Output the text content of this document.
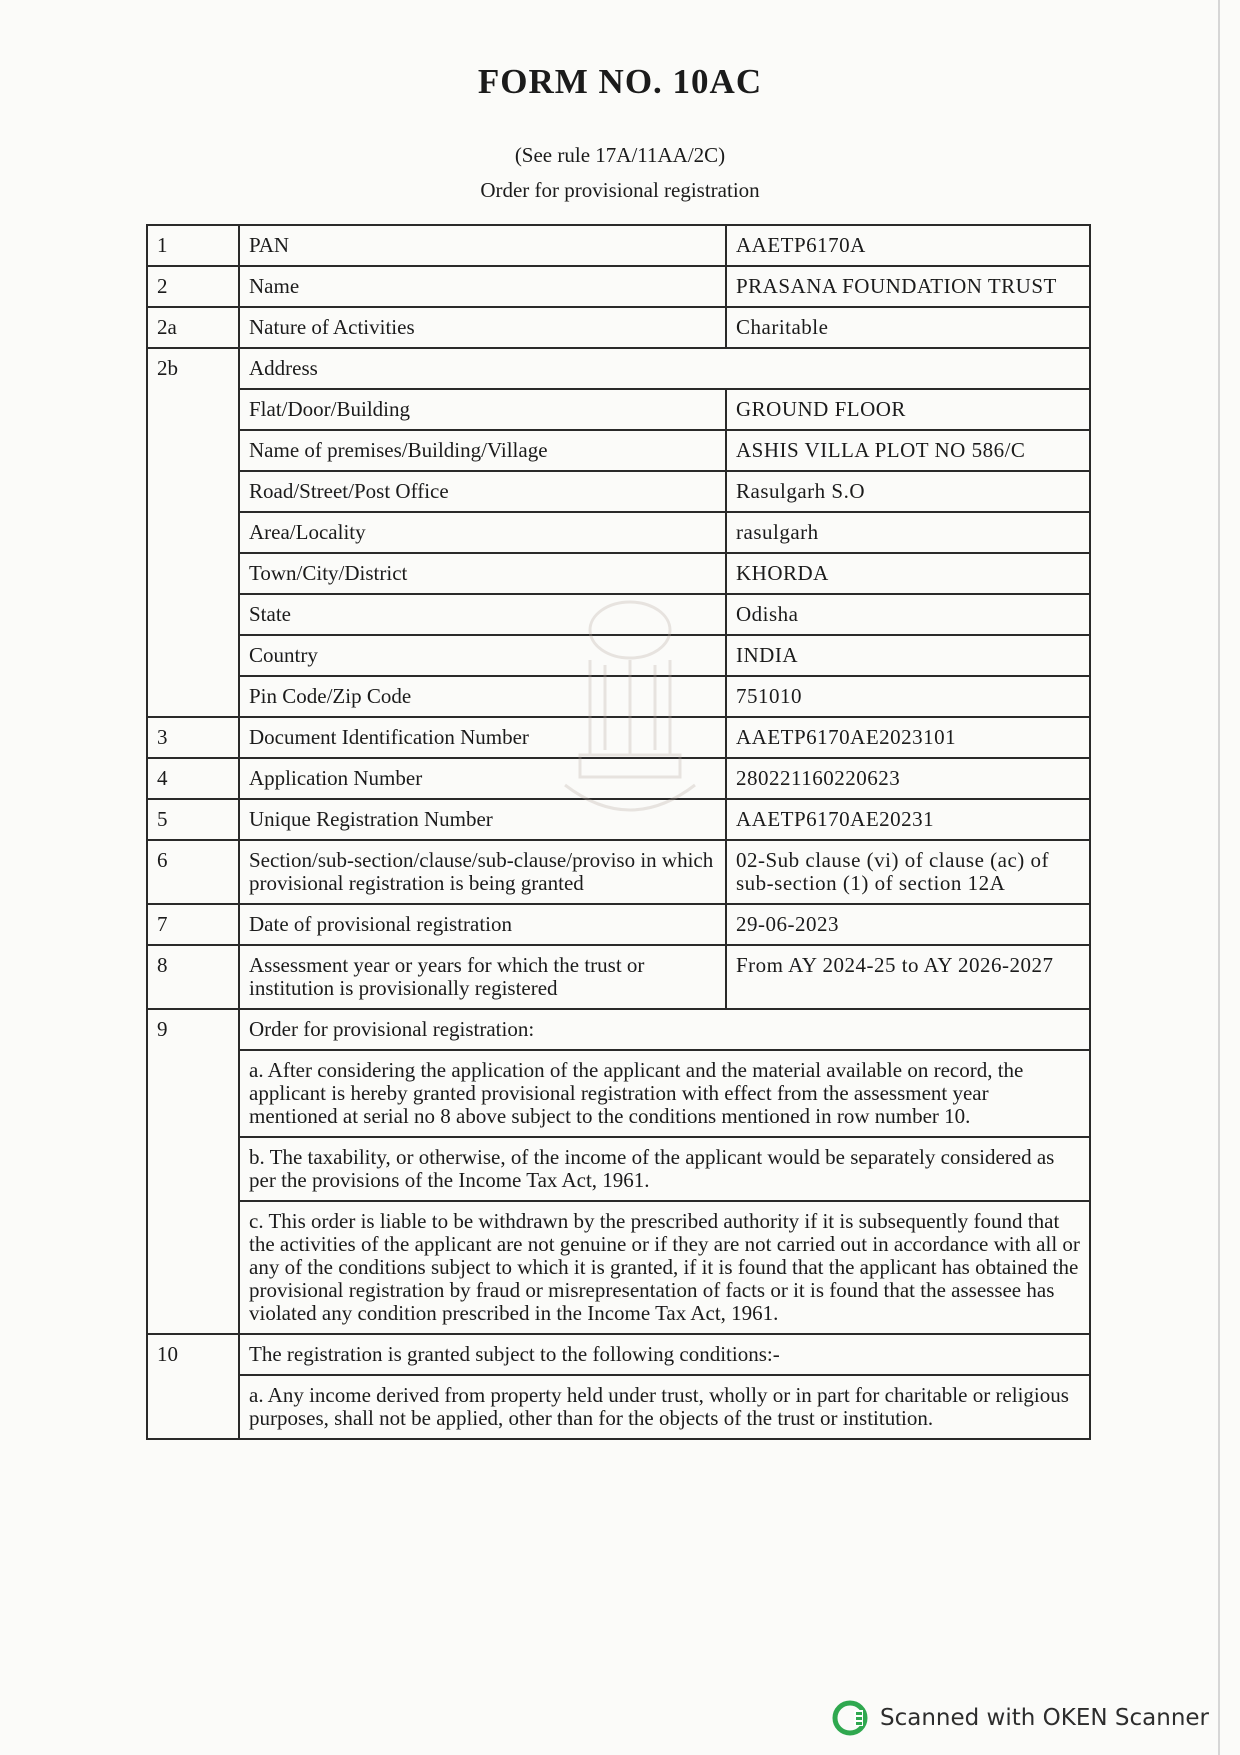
FORM NO. 10AC
(See rule 17A/11AA/2C)
Order for provisional registration
1	PAN	AAETP6170A
2	Name	PRASANA FOUNDATION TRUST
2a	Nature of Activities	Charitable
2b	Address	
	Flat/Door/Building	GROUND FLOOR
	Name of premises/Building/Village	ASHIS VILLA PLOT NO 586/C
	Road/Street/Post Office	Rasulgarh S.O
	Area/Locality	rasulgarh
	Town/City/District	KHORDA
	State	Odisha
	Country	INDIA
	Pin Code/Zip Code	751010
3	Document Identification Number	AAETP6170AE2023101
4	Application Number	280221160220623
5	Unique Registration Number	AAETP6170AE20231
6	Section/sub-section/clause/sub-clause/proviso in which provisional registration is being granted	02-Sub clause (vi) of clause (ac) of sub-section (1) of section 12A
7	Date of provisional registration	29-06-2023
8	Assessment year or years for which the trust or institution is provisionally registered	From AY 2024-25 to AY 2026-2027
9	Order for provisional registration:	
	a. After considering the application of the applicant and the material available on record, the applicant is hereby granted provisional registration with effect from the assessment year mentioned at serial no 8 above subject to the conditions mentioned in row number 10.	
	b. The taxability, or otherwise, of the income of the applicant would be separately considered as per the provisions of the Income Tax Act, 1961.	
	c. This order is liable to be withdrawn by the prescribed authority if it is subsequently found that the activities of the applicant are not genuine or if they are not carried out in accordance with all or any of the conditions subject to which it is granted, if it is found that the applicant has obtained the provisional registration by fraud or misrepresentation of facts or it is found that the assessee has violated any condition prescribed in the Income Tax Act, 1961.	
10	The registration is granted subject to the following conditions:-	
	a. Any income derived from property held under trust, wholly or in part for charitable or religious purposes, shall not be applied, other than for the objects of the trust or institution.	
Scanned with OKEN Scanner
